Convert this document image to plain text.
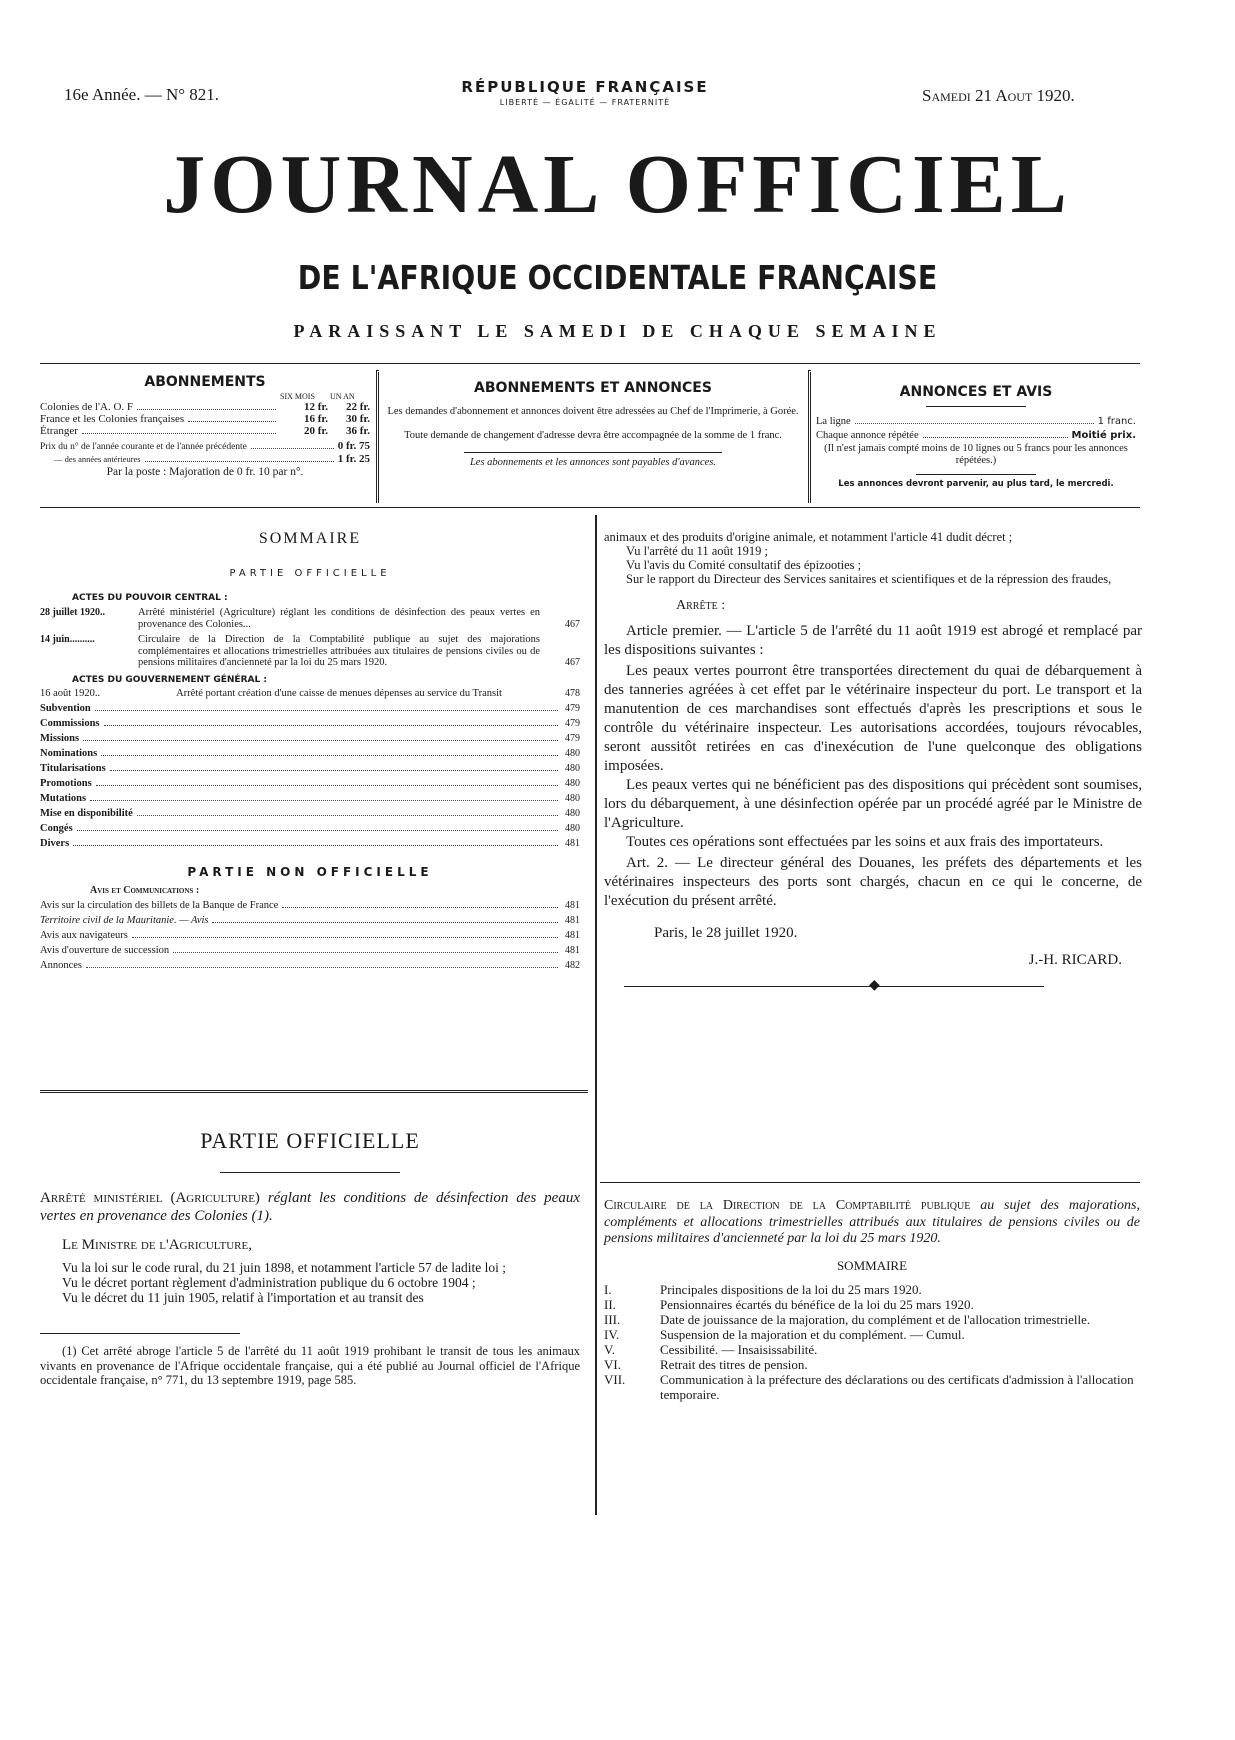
16e Année. — N° 821.	RÉPUBLIQUE FRANÇAISE
LIBERTÉ — ÉGALITÉ — FRATERNITÉ	Samedi 21 Aout 1920.
JOURNAL OFFICIEL
DE L'AFRIQUE OCCIDENTALE FRANÇAISE
PARAISSANT LE SAMEDI DE CHAQUE SEMAINE
ABONNEMENTS
SIX MOIS	UN AN
Colonies de l'A. O. F	12 fr.	22 fr.
France et les Colonies françaises	16 fr.	30 fr.
Étranger	20 fr.	36 fr.
Prix du n° de l'année courante et de l'année précédente	0 fr. 75
— des années antérieures	1 fr. 25
Par la poste : Majoration de 0 fr. 10 par n°.
ABONNEMENTS ET ANNONCES
Les demandes d'abonnement et annonces doivent être adressées au Chef de l'Imprimerie, à Gorée.
Toute demande de changement d'adresse devra être accompagnée de la somme de 1 franc.
Les abonnements et les annonces sont payables d'avances.
ANNONCES ET AVIS
La ligne	1 franc.
Chaque annonce répétée	Moitié prix.
(Il n'est jamais compté moins de 10 lignes ou 5 francs pour les annonces répétées.)
Les annonces devront parvenir, au plus tard, le mercredi.
SOMMAIRE
PARTIE OFFICIELLE
ACTES DU POUVOIR CENTRAL :
28 juillet 1920..	Arrêté ministériel (Agriculture) réglant les conditions de désinfection des peaux vertes en provenance des Colonies...	467
14 juin..........	Circulaire de la Direction de la Comptabilité publique au sujet des majorations complémentaires et allocations trimestrielles attribuées aux titulaires de pensions civiles ou de pensions militaires d'ancienneté par la loi du 25 mars 1920.	467
ACTES DU GOUVERNEMENT GÉNÉRAL :
16 août 1920..	Arrêté portant création d'une caisse de menues dépenses au service du Transit	478
Subvention	479
Commissions	479
Missions	479
Nominations	480
Titularisations	480
Promotions	480
Mutations	480
Mise en disponibilité	480
Congés	480
Divers	481
PARTIE NON OFFICIELLE
Avis et Communications :
Avis sur la circulation des billets de la Banque de France	481
Territoire civil de la Mauritanie. — Avis	481
Avis aux navigateurs	481
Avis d'ouverture de succession	481
Annonces	482
PARTIE OFFICIELLE

Arrêté ministériel (Agriculture) réglant les conditions de désinfection des peaux vertes en provenance des Colonies (1).

Le Ministre de l'Agriculture,

Vu la loi sur le code rural, du 21 juin 1898, et notamment l'article 57 de ladite loi ;

Vu le décret portant règlement d'administration publique du 6 octobre 1904 ;

Vu le décret du 11 juin 1905, relatif à l'importation et au transit des

(1) Cet arrêté abroge l'article 5 de l'arrêté du 11 août 1919 prohibant le transit de tous les animaux vivants en provenance de l'Afrique occidentale française, qui a été publié au Journal officiel de l'Afrique occidentale française, n° 771, du 13 septembre 1919, page 585.

animaux et des produits d'origine animale, et notamment l'article 41 dudit décret ;

Vu l'arrêté du 11 août 1919 ;

Vu l'avis du Comité consultatif des épizooties ;

Sur le rapport du Directeur des Services sanitaires et scientifiques et de la répression des fraudes,

Arrête :

Article premier. — L'article 5 de l'arrêté du 11 août 1919 est abrogé et remplacé par les dispositions suivantes :

Les peaux vertes pourront être transportées directement du quai de débarquement à des tanneries agréées à cet effet par le vétérinaire inspecteur du port. Le transport et la manutention de ces marchandises sont effectués d'après les prescriptions et sous le contrôle du vétérinaire inspecteur. Les autorisations accordées, toujours révocables, seront aussitôt retirées en cas d'inexécution de l'une quelconque des obligations imposées.

Les peaux vertes qui ne bénéficient pas des dispositions qui précèdent sont soumises, lors du débarquement, à une désinfection opérée par un procédé agréé par le Ministre de l'Agriculture.

Toutes ces opérations sont effectuées par les soins et aux frais des importateurs.

Art. 2. — Le directeur général des Douanes, les préfets des départements et les vétérinaires inspecteurs des ports sont chargés, chacun en ce qui le concerne, de l'exécution du présent arrêté.

Paris, le 28 juillet 1920.

J.-H. RICARD.

◆

Circulaire de la Direction de la Comptabilité publique au sujet des majorations, compléments et allocations trimestrielles attribués aux titulaires de pensions civiles ou de pensions militaires d'ancienneté par la loi du 25 mars 1920.

SOMMAIRE

I.	Principales dispositions de la loi du 25 mars 1920.
II.	Pensionnaires écartés du bénéfice de la loi du 25 mars 1920.
III.	Date de jouissance de la majoration, du complément et de l'allocation trimestrielle.
IV.	Suspension de la majoration et du complément. — Cumul.
V.	Cessibilité. — Insaisissabilité.
VI.	Retrait des titres de pension.
VII.	Communication à la préfecture des déclarations ou des certificats d'admission à l'allocation temporaire.
